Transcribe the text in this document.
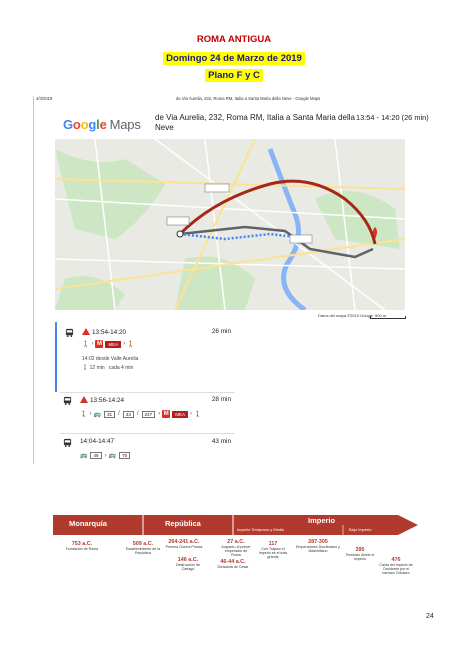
ROMA ANTIGUA
Domingo 24 de Marzo de 2019
Plano F y C
4/3/2019	de Via Aurelia, 232, Roma RM, Italia a Santa Maria della Neve - Google Maps
Google Maps de Via Aurelia, 232, Roma RM, Italia a Santa Maria della Neve
13:54 - 14:20 (26 min)
Datos del mapa ©2019 Google 500 m
13:54-14:20	26 min
🚶 › M	MEA › 🚶
14:02 desde Valle Aurelia
🚶 12 min cada 4 min
13:56-14:24	28 min
🚶 › 🚌	31	/	33	/	247	› M	MEA › 🚶
14:04-14:47	43 min
🚌	46	› 🚌	70
Monarquía	República	Imperio
Imperio Temprano y Medio	Bajo Imperio
753 a.C.
Fundación de Roma
509 a.C.
Establecimiento de la República
264-241 a.C.
Primera Guerra Púnica
146 a.C.
Destrucción de Cartago
27 a.C.
Augusto, el primer emperador de Roma
46-44 a.C.
Dictadura de César
117
Con Trajano el Imperio es el más grande
287-305
Emperadores Diocleciano y Maximiliano	395
Teodosio divide el Imperio	476
Caída del imperio de Occidente por el bárbaro Odoacro
24
